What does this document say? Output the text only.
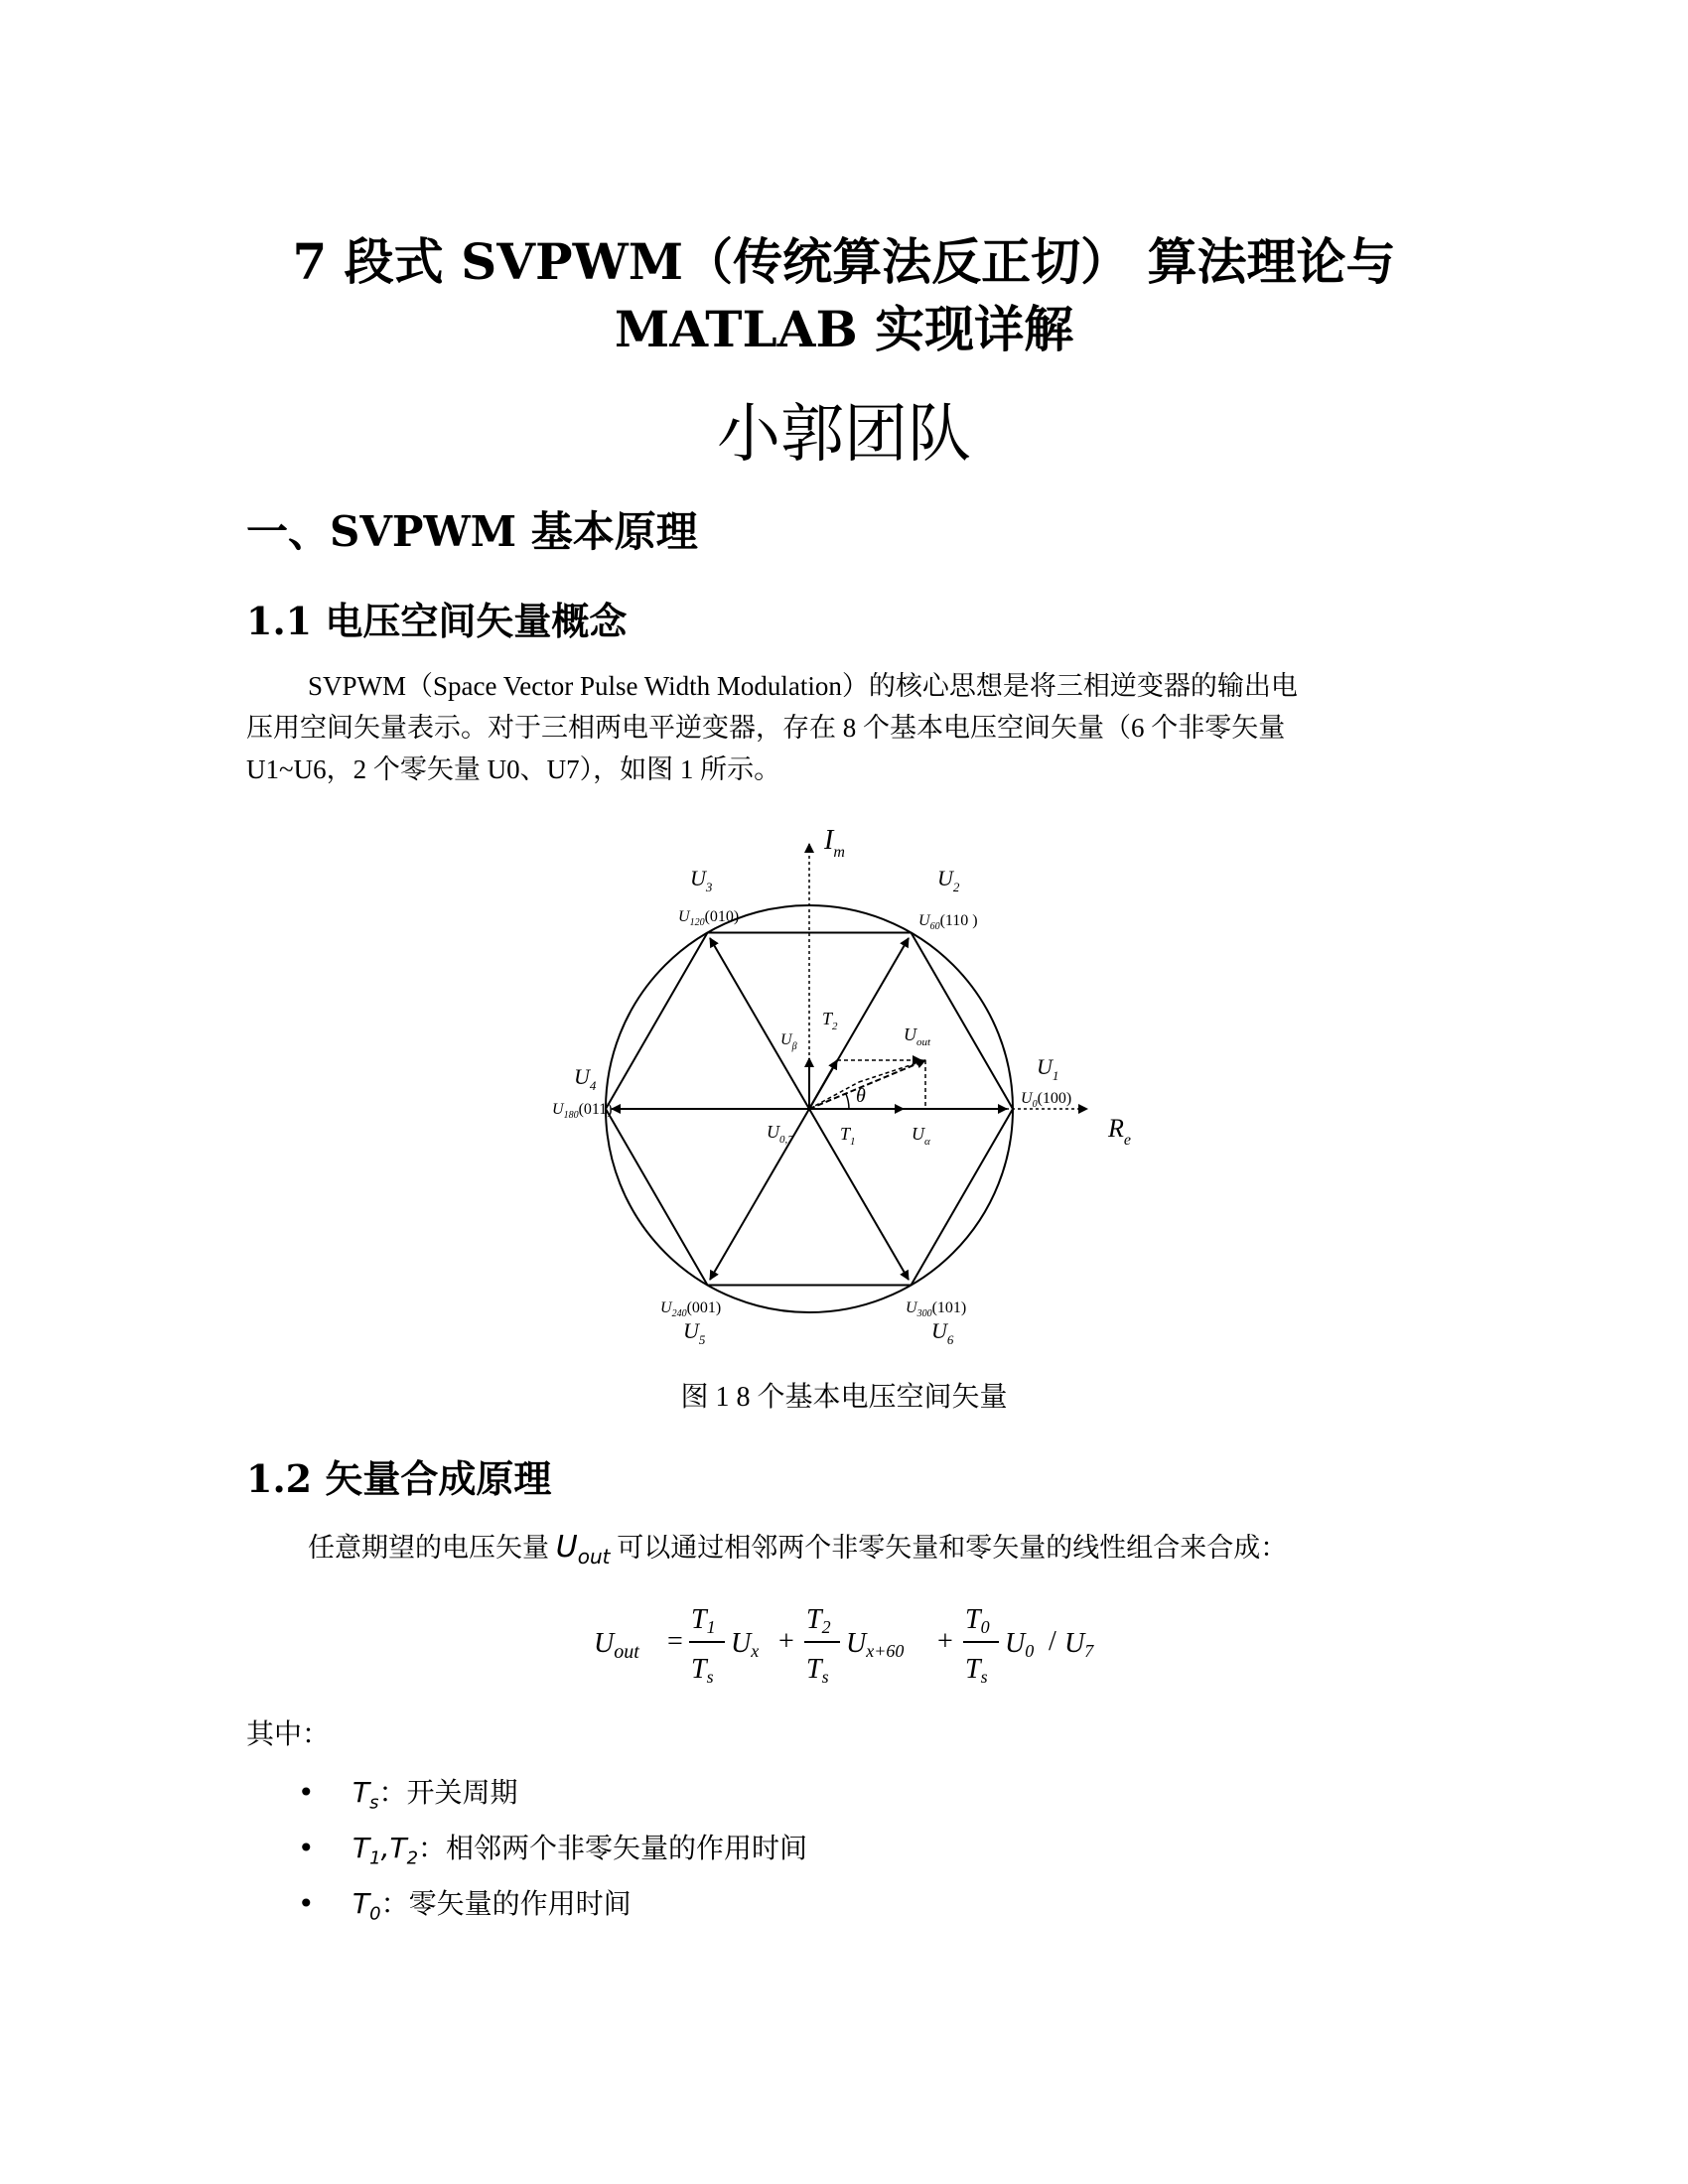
7 段式 SVPWM（传统算法反正切） 算法理论与
MATLAB 实现详解
小郭团队
一、SVPWM 基本原理
1.1 电压空间矢量概念
SVPWM（Space Vector Pulse Width Modulation）的核心思想是将三相逆变器的输出电
压用空间矢量表示。对于三相两电平逆变器，存在 8 个基本电压空间矢量（6 个非零矢量
U1~U6，2 个零矢量 U0、U7），如图 1 所示。
$I_m$
$R_e$
$U_3$
$U_{120}(010)$
$U_2$
$U_{60}(110$ )
$U_4$
$U_{180}(011)$
$U_1$
$U_0(100)$
$U_{240}(001)$
$U_5$
$U_{300}(101)$
$U_6$
$T_2$
$U_\beta$
$U_{out}$
θ
$U_{0,7}$	$T_1$	$U_\alpha$
图 1 8 个基本电压空间矢量
1.2 矢量合成原理
任意期望的电压矢量 $U_{out}$ 可以通过相邻两个非零矢量和零矢量的线性组合来合成：
$U_{out}$ =
T1
Ts
Ux +
T2
Ts
Ux+60 +
T0
Ts
U0 / U7
其中：
• $T_s$：开关周期
• $T_1,T_2$：相邻两个非零矢量的作用时间
• $T_0$：零矢量的作用时间
